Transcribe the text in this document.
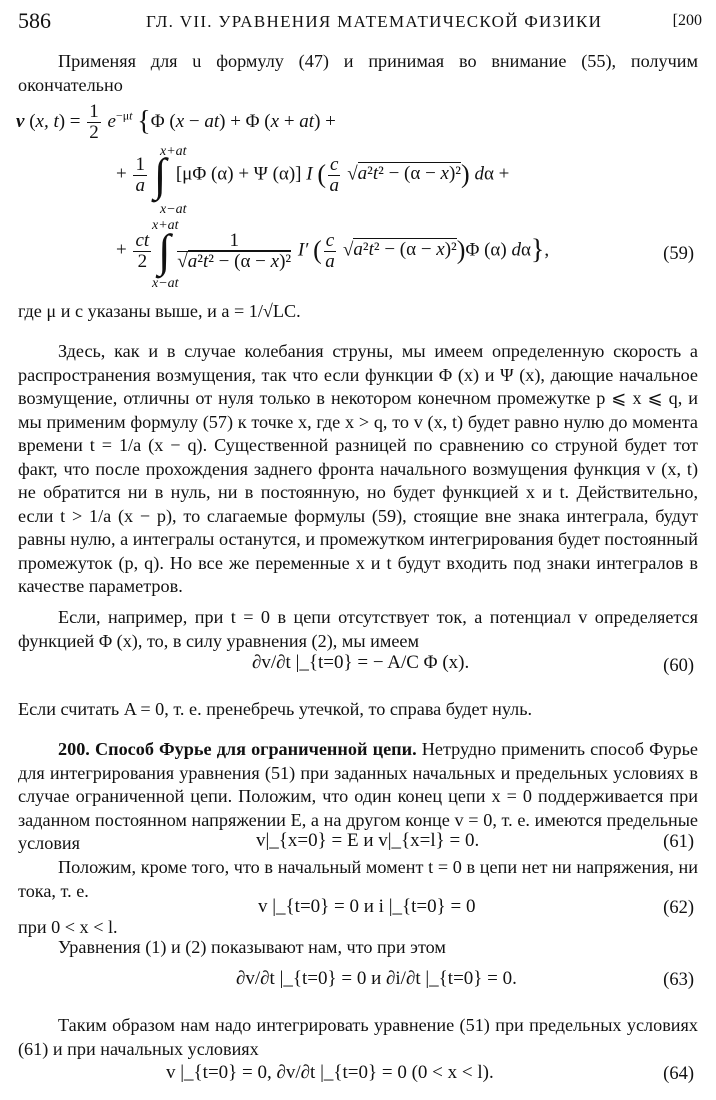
586	ГЛ. VII. УРАВНЕНИЯ МАТЕМАТИЧЕСКОЙ ФИЗИКИ	[200
Применяя для u формулу (47) и принимая во внимание (55), получим окончательно
v (x, $t) = \frac{1}{2} e^{-\mu t}$ {Φ (x − at) + Φ (x + at) +
+ $\frac{1}{a}$ ∫  [μΦ (α) + Ψ (α)] I ( $\frac{c}{a} √a^2t^2 - (\alpha - x)^2$) dα +
x+at
x−at
+ $\frac{ct}{2}$ ∫ $\frac{1}{\text{√a²t² − (α − x)²}} I'$ ( $\frac{c}{a} √a^2t^2 - (\alpha - x)^2)\Phi$ (α) dα},
x+at
x−at
(59)
где μ и c указаны выше, и a = 1/√LC.
Здесь, как и в случае колебания струны, мы имеем определенную скорость a распространения возмущения, так что если функции Φ (x) и Ψ (x), дающие начальное возмущение, отличны от нуля только в некотором конечном промежутке p ⩽ x ⩽ q, и мы применим формулу (57) к точке x, где x > q, то v (x, t) будет равно нулю до момента времени t = 1/a (x − q). Существенной разницей по сравнению со струной будет тот факт, что после прохождения заднего фронта начального возмущения функция v (x, t) не обратится ни в нуль, ни в постоянную, но будет функцией x и t. Действительно, если t > 1/a (x − p), то слагаемые формулы (59), стоящие вне знака интеграла, будут равны нулю, а интегралы останутся, и промежутком интегрирования будет постоянный промежуток (p, q). Но все же переменные x и t будут входить под знаки интегралов в качестве параметров.
Если, например, при t = 0 в цепи отсутствует ток, а потенциал v определяется функцией Φ (x), то, в силу уравнения (2), мы имеем
∂v/∂t |_{t=0} = − A/C Φ (x).	(60)
Если считать A = 0, т. е. пренебречь утечкой, то справа будет нуль.
200. Способ Фурье для ограниченной цепи. Нетрудно применить способ Фурье для интегрирования уравнения (51) при заданных начальных и предельных условиях в случае ограниченной цепи. Положим, что один конец цепи x = 0 поддерживается при заданном постоянном напряжении E, а на другом конце v = 0, т. е. имеются предельные условия	v|_{x=0} = E и v|_{x=l} = 0.	(61)
Положим, кроме того, что в начальный момент t = 0 в цепи нет ни напряжения, ни тока, т. е.
v |_{t=0} = 0 и i |_{t=0} = 0	(62)
при 0 < x < l.
Уравнения (1) и (2) показывают нам, что при этом
∂v/∂t |_{t=0} = 0 и ∂i/∂t |_{t=0} = 0.	(63)
Таким образом нам надо интегрировать уравнение (51) при предельных условиях (61) и при начальных условиях
v |_{t=0} = 0, ∂v/∂t |_{t=0} = 0 (0 < x < l).	(64)
